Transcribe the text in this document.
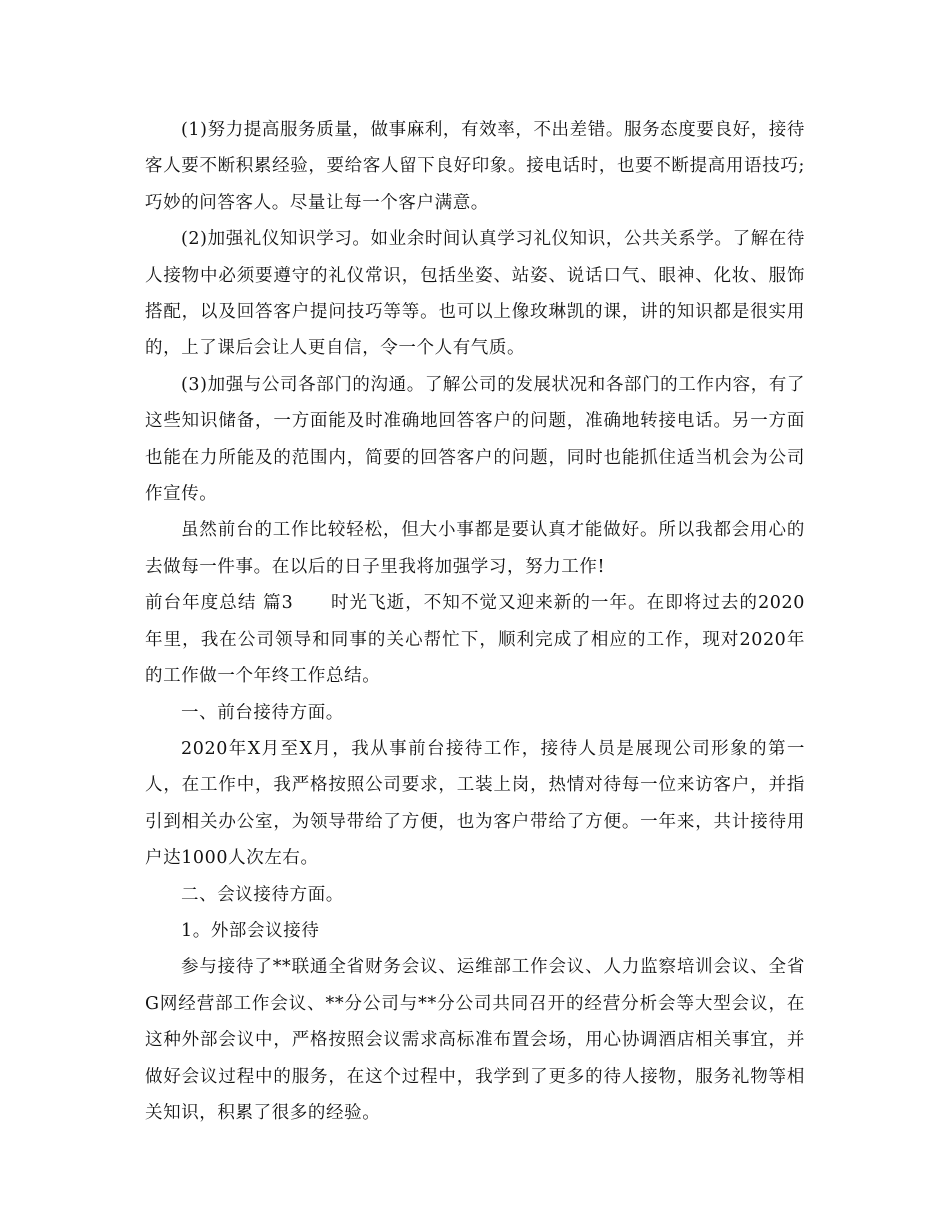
(1)努力提高服务质量，做事麻利，有效率，不出差错。服务态度要良好，接待客人要不断积累经验，要给客人留下良好印象。接电话时，也要不断提高用语技巧;巧妙的问答客人。尽量让每一个客户满意。

(2)加强礼仪知识学习。如业余时间认真学习礼仪知识，公共关系学。了解在待人接物中必须要遵守的礼仪常识，包括坐姿、站姿、说话口气、眼神、化妆、服饰搭配，以及回答客户提问技巧等等。也可以上像玫琳凯的课，讲的知识都是很实用的，上了课后会让人更自信，令一个人有气质。

(3)加强与公司各部门的沟通。了解公司的发展状况和各部门的工作内容，有了这些知识储备，一方面能及时准确地回答客户的问题，准确地转接电话。另一方面也能在力所能及的范围内，简要的回答客户的问题，同时也能抓住适当机会为公司作宣传。

虽然前台的工作比较轻松，但大小事都是要认真才能做好。所以我都会用心的去做每一件事。在以后的日子里我将加强学习，努力工作!

前台年度总结 篇3　　时光飞逝，不知不觉又迎来新的一年。在即将过去的2020年里，我在公司领导和同事的关心帮忙下，顺利完成了相应的工作，现对2020年的工作做一个年终工作总结。

一、前台接待方面。

2020年X月至X月，我从事前台接待工作，接待人员是展现公司形象的第一人，在工作中，我严格按照公司要求，工装上岗，热情对待每一位来访客户，并指引到相关办公室，为领导带给了方便，也为客户带给了方便。一年来，共计接待用户达1000人次左右。

二、会议接待方面。

1。外部会议接待

参与接待了**联通全省财务会议、运维部工作会议、人力监察培训会议、全省G网经营部工作会议、**分公司与**分公司共同召开的经营分析会等大型会议，在这种外部会议中，严格按照会议需求高标准布置会场，用心协调酒店相关事宜，并做好会议过程中的服务，在这个过程中，我学到了更多的待人接物，服务礼物等相关知识，积累了很多的经验。
